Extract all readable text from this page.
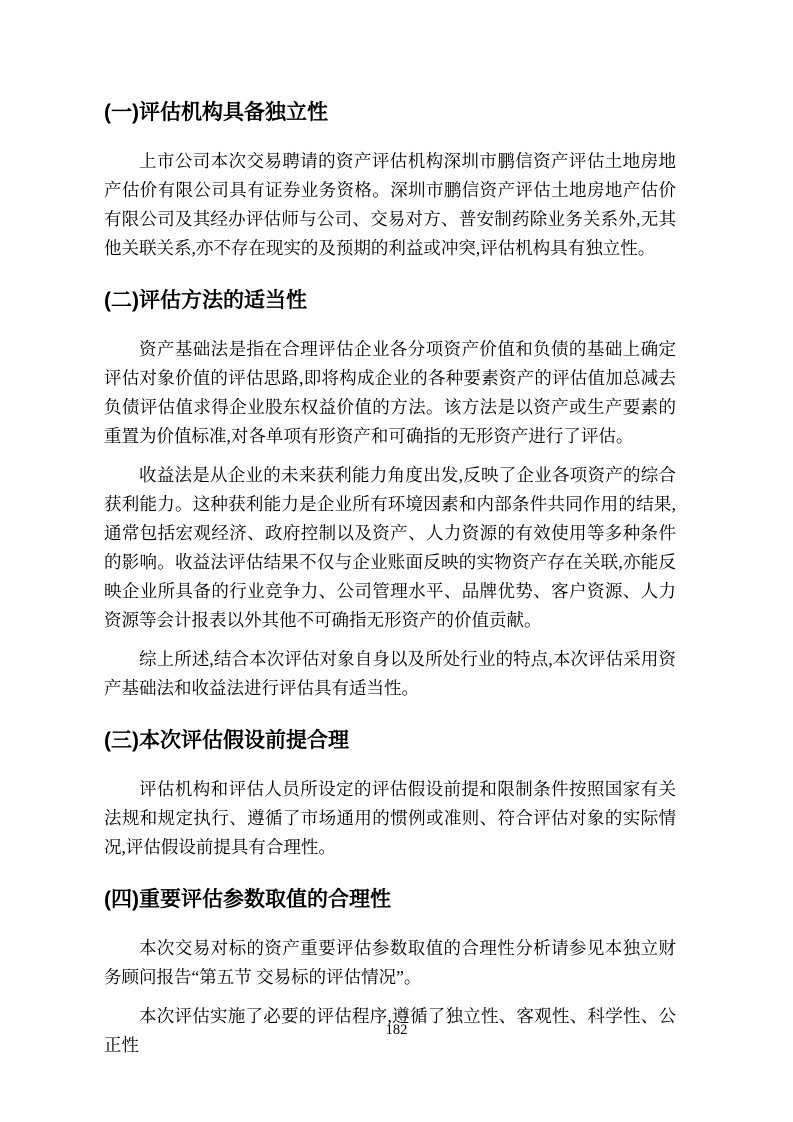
(一)评估机构具备独立性

上市公司本次交易聘请的资产评估机构深圳市鹏信资产评估土地房地产估价有限公司具有证券业务资格。深圳市鹏信资产评估土地房地产估价有限公司及其经办评估师与公司、交易对方、普安制药除业务关系外,无其他关联关系,亦不存在现实的及预期的利益或冲突,评估机构具有独立性。

(二)评估方法的适当性

资产基础法是指在合理评估企业各分项资产价值和负债的基础上确定评估对象价值的评估思路,即将构成企业的各种要素资产的评估值加总减去负债评估值求得企业股东权益价值的方法。该方法是以资产或生产要素的重置为价值标准,对各单项有形资产和可确指的无形资产进行了评估。

收益法是从企业的未来获利能力角度出发,反映了企业各项资产的综合获利能力。这种获利能力是企业所有环境因素和内部条件共同作用的结果,通常包括宏观经济、政府控制以及资产、人力资源的有效使用等多种条件的影响。收益法评估结果不仅与企业账面反映的实物资产存在关联,亦能反映企业所具备的行业竞争力、公司管理水平、品牌优势、客户资源、人力资源等会计报表以外其他不可确指无形资产的价值贡献。

综上所述,结合本次评估对象自身以及所处行业的特点,本次评估采用资产基础法和收益法进行评估具有适当性。

(三)本次评估假设前提合理

评估机构和评估人员所设定的评估假设前提和限制条件按照国家有关法规和规定执行、遵循了市场通用的惯例或准则、符合评估对象的实际情况,评估假设前提具有合理性。

(四)重要评估参数取值的合理性

本次交易对标的资产重要评估参数取值的合理性分析请参见本独立财务顾问报告“第五节 交易标的评估情况”。

本次评估实施了必要的评估程序,遵循了独立性、客观性、科学性、公正性

182
